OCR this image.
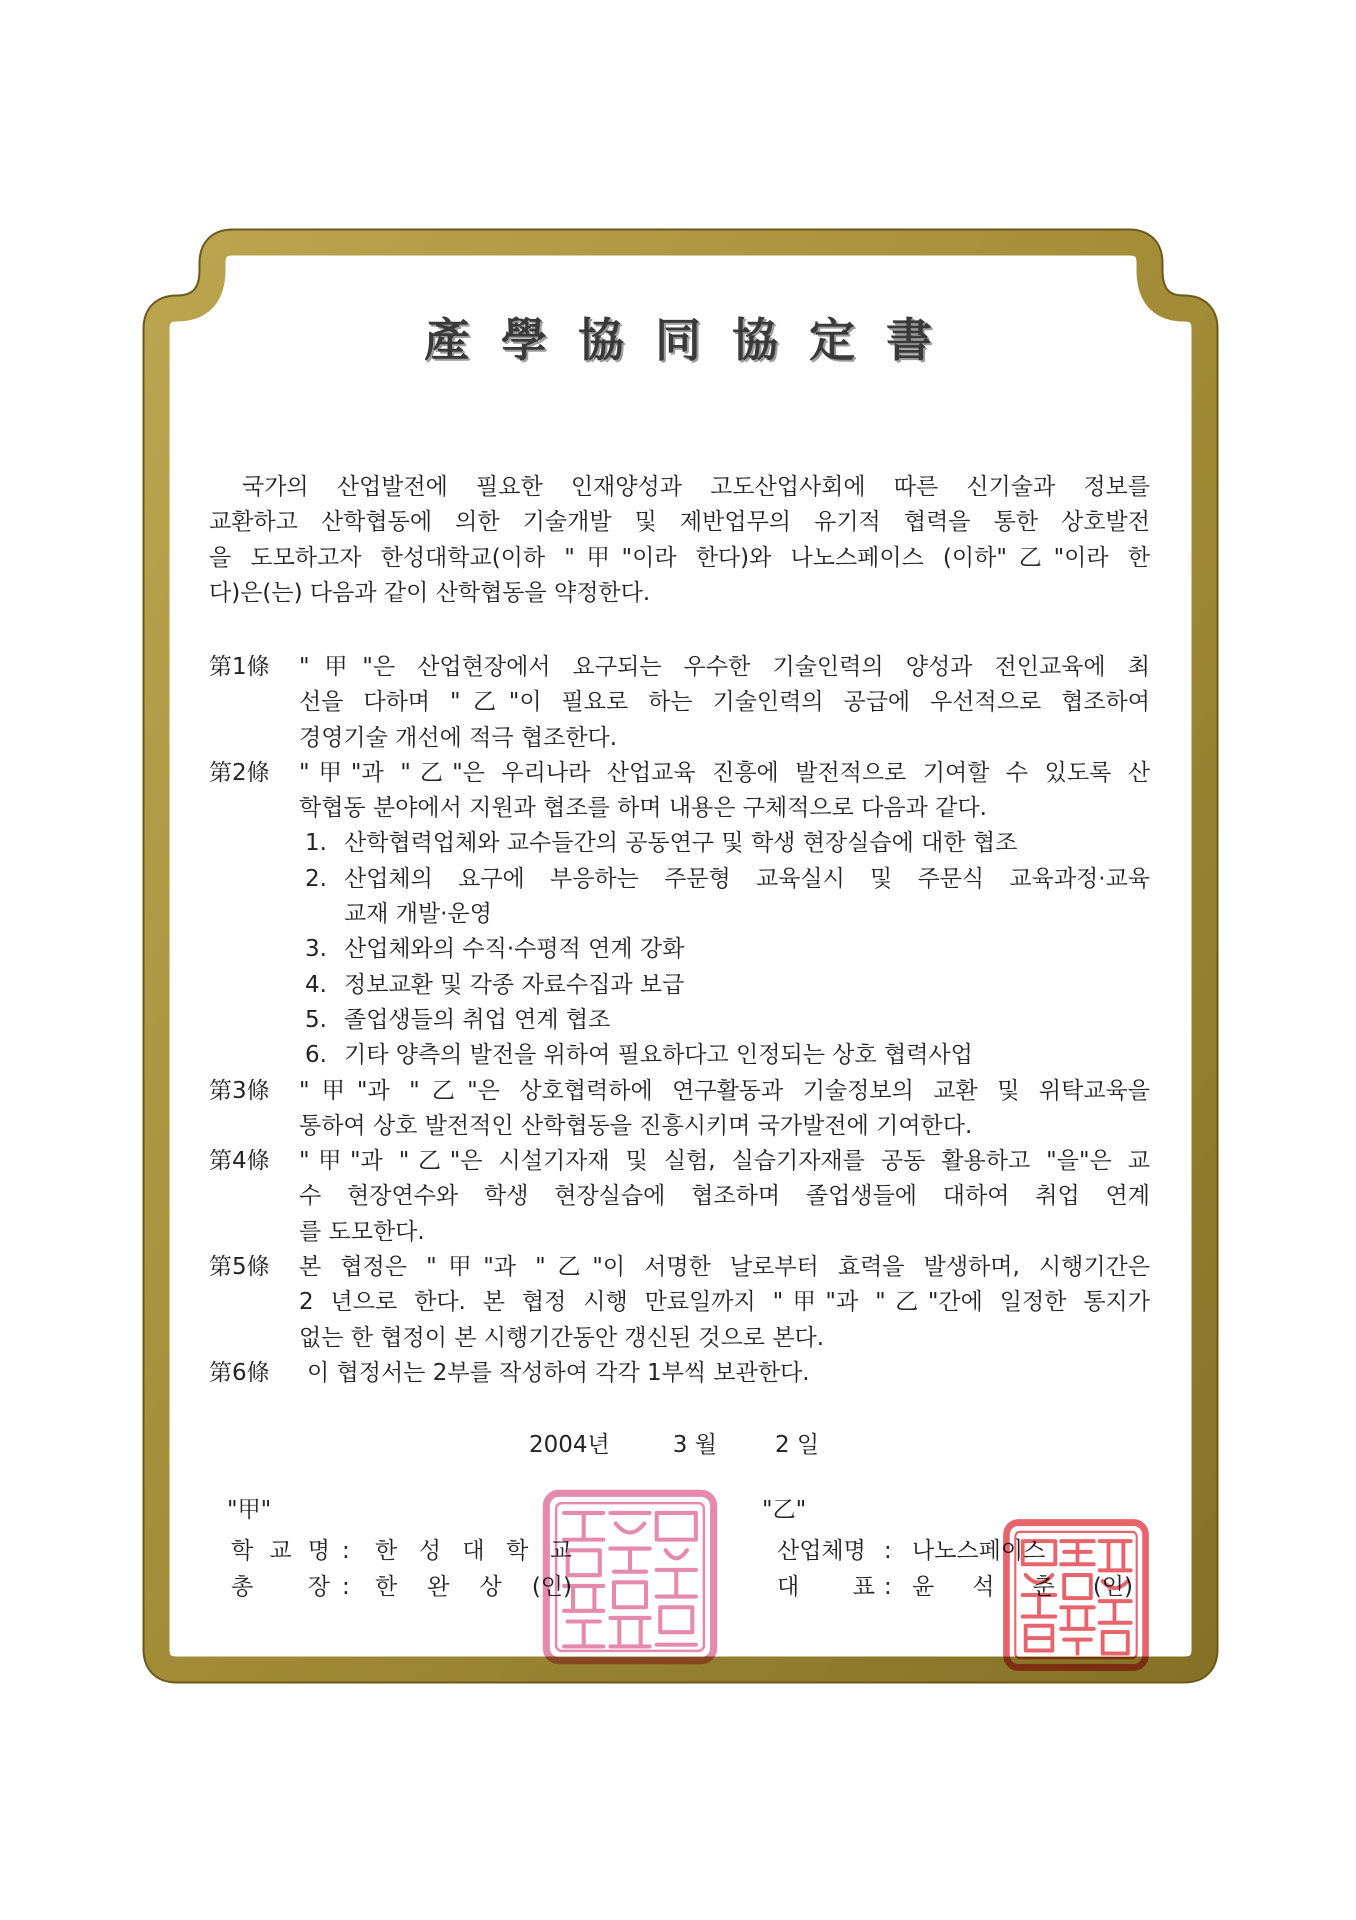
產學協同協定書
국가의 산업발전에 필요한 인재양성과 고도산업사회에 따른 신기술과 정보를
교환하고 산학협동에 의한 기술개발 및 제반업무의 유기적 협력을 통한 상호발전
을 도모하고자 한성대학교(이하 "甲"이라 한다)와 나노스페이스 (이하"乙"이라 한
다)은(는) 다음과 같이 산학협동을 약정한다.
第1條	"甲"은 산업현장에서 요구되는 우수한 기술인력의 양성과 전인교육에 최
선을 다하며 "乙"이 필요로 하는 기술인력의 공급에 우선적으로 협조하여
경영기술 개선에 적극 협조한다.
第2條	"甲"과 "乙"은 우리나라 산업교육 진흥에 발전적으로 기여할 수 있도록 산
학협동 분야에서 지원과 협조를 하며 내용은 구체적으로 다음과 같다.
1. 산학협력업체와 교수들간의 공동연구 및 학생 현장실습에 대한 협조
2. 산업체의 요구에 부응하는 주문형 교육실시 및 주문식 교육과정·교육
교재 개발·운영
3. 산업체와의 수직·수평적 연계 강화
4. 정보교환 및 각종 자료수집과 보급
5. 졸업생들의 취업 연계 협조
6. 기타 양측의 발전을 위하여 필요하다고 인정되는 상호 협력사업
第3條	"甲"과 "乙"은 상호협력하에 연구활동과 기술정보의 교환 및 위탁교육을
통하여 상호 발전적인 산학협동을 진흥시키며 국가발전에 기여한다.
第4條	"甲"과 "乙"은 시설기자재 및 실험, 실습기자재를 공동 활용하고 "을"은 교
수 현장연수와 학생 현장실습에 협조하며 졸업생들에 대하여 취업 연계
를 도모한다.
第5條	본 협정은 "甲"과 "乙"이 서명한 날로부터 효력을 발생하며, 시행기간은
2 년으로 한다. 본 협정 시행 만료일까지 "甲"과 "乙"간에 일정한 통지가
없는 한 협정이 본 시행기간동안 갱신된 것으로 본다.
第6條	이 협정서는 2부를 작성하여 각각 1부씩 보관한다.
2004년	3 월	2 일
"甲"
학 교 명 :	한 성 대 학 교
총 장 :	한 완 상 (인)
"乙"
산업체명 : 나노스페이스
대 표 : 윤 석 춘 (인)
